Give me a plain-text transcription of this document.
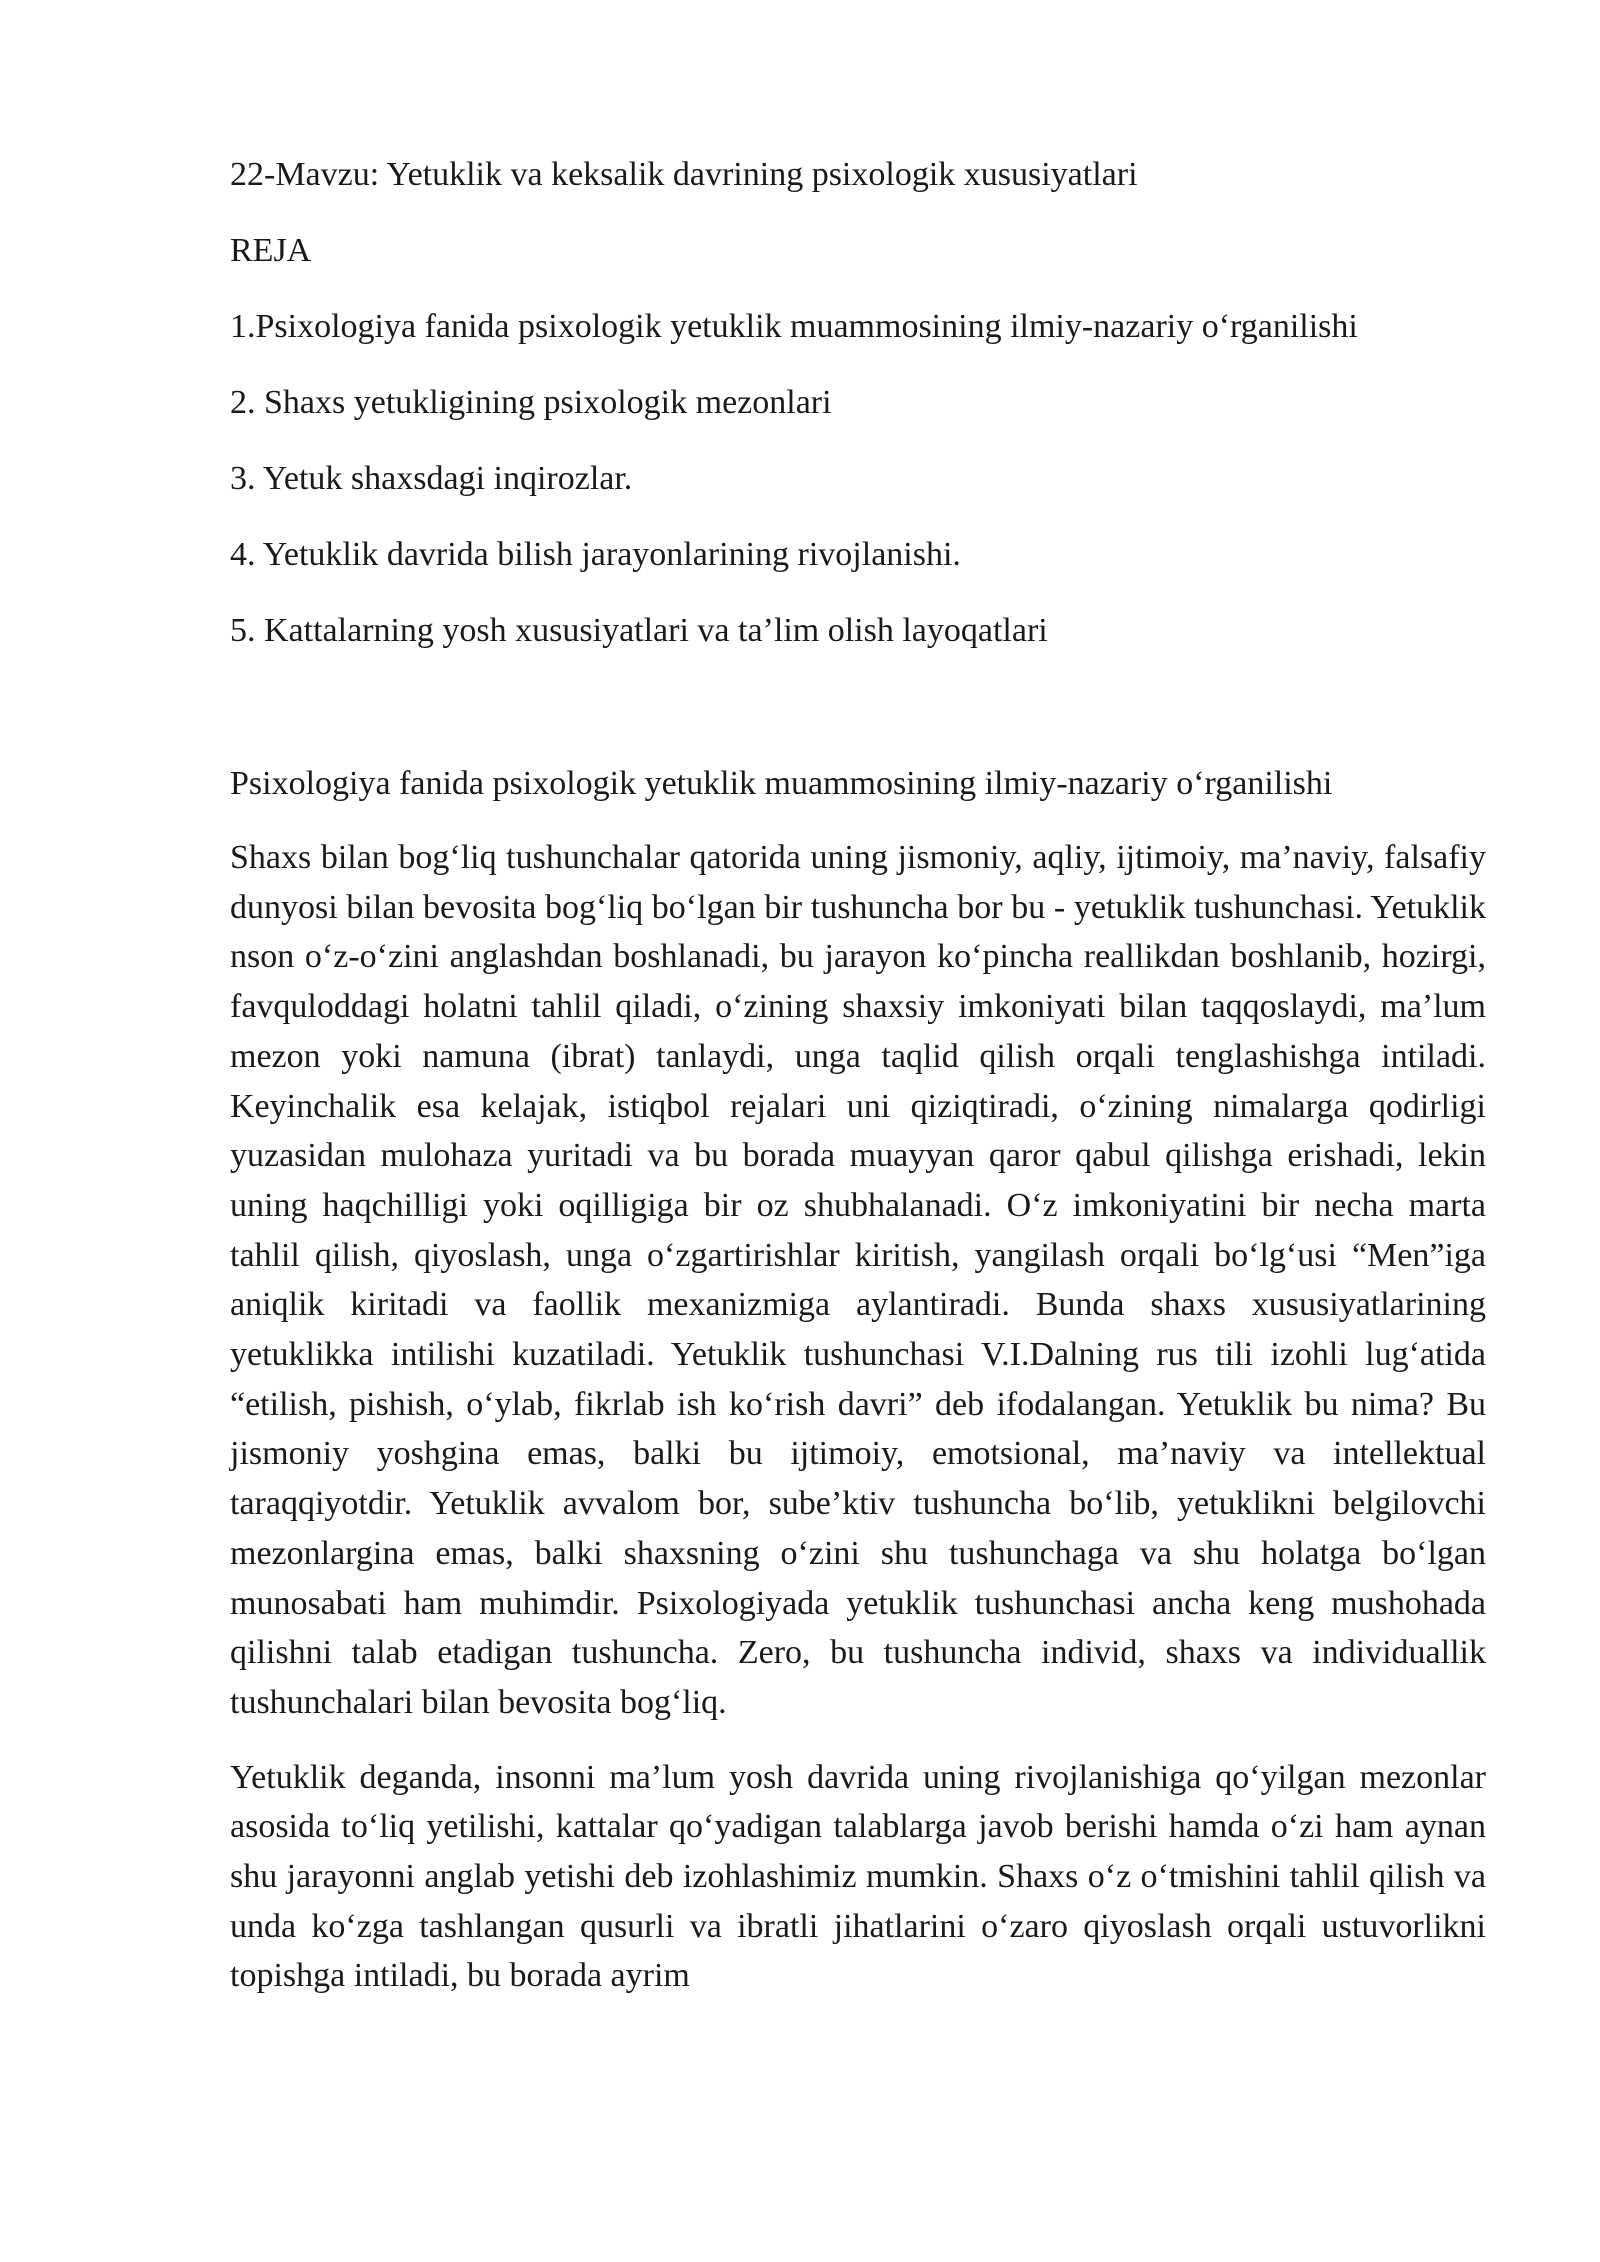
22-Mavzu: Yetuklik va keksalik davrining psixologik xususiyatlari

REJA

1.Psixologiya fanida psixologik yetuklik muammosining ilmiy-nazariy o‘rganilishi
2. Shaxs yetukligining psixologik mezonlari
3. Yetuk shaxsdagi inqirozlar.
4. Yetuklik davrida bilish jarayonlarining rivojlanishi.
5. Kattalarning yosh xususiyatlari va ta’lim olish layoqatlari

Psixologiya fanida psixologik yetuklik muammosining ilmiy-nazariy o‘rganilishi

Shaxs bilan bog‘liq tushunchalar qatorida uning jismoniy, aqliy, ijtimoiy, ma’naviy, falsafiy dunyosi bilan bevosita bog‘liq bo‘lgan bir tushuncha bor bu - yetuklik tushunchasi. Yetuklik nson o‘z-o‘zini anglashdan boshlanadi, bu jarayon ko‘pincha reallikdan boshlanib, hozirgi, favquloddagi holatni tahlil qiladi, o‘zining shaxsiy imkoniyati bilan taqqoslaydi, ma’lum mezon yoki namuna (ibrat) tanlaydi, unga taqlid qilish orqali tenglashishga intiladi. Keyinchalik esa kelajak, istiqbol rejalari uni qiziqtiradi, o‘zining nimalarga qodirligi yuzasidan mulohaza yuritadi va bu borada muayyan qaror qabul qilishga erishadi, lekin uning haqchilligi yoki oqilligiga bir oz shubhalanadi. O‘z imkoniyatini bir necha marta tahlil qilish, qiyoslash, unga o‘zgartirishlar kiritish, yangilash orqali bo‘lg‘usi “Men”iga aniqlik kiritadi va faollik mexanizmiga aylantiradi. Bunda shaxs xususiyatlarining yetuklikka intilishi kuzatiladi. Yetuklik tushunchasi V.I.Dalning rus tili izohli lug‘atida “etilish, pishish, o‘ylab, fikrlab ish ko‘rish davri” deb ifodalangan. Yetuklik bu nima? Bu jismoniy yoshgina emas, balki bu ijtimoiy, emotsional, ma’naviy va intellektual taraqqiyotdir. Yetuklik avvalom bor, sube’ktiv tushuncha bo‘lib, yetuklikni belgilovchi mezonlargina emas, balki shaxsning o‘zini shu tushunchaga va shu holatga bo‘lgan munosabati ham muhimdir. Psixologiyada yetuklik tushunchasi ancha keng mushohada qilishni talab etadigan tushuncha. Zero, bu tushuncha individ, shaxs va individuallik tushunchalari bilan bevosita bog‘liq.

Yetuklik deganda, insonni ma’lum yosh davrida uning rivojlanishiga qo‘yilgan mezonlar asosida to‘liq yetilishi, kattalar qo‘yadigan talablarga javob berishi hamda o‘zi ham aynan shu jarayonni anglab yetishi deb izohlashimiz mumkin. Shaxs o‘z o‘tmishini tahlil qilish va unda ko‘zga tashlangan qusurli va ibratli jihatlarini o‘zaro qiyoslash orqali ustuvorlikni topishga intiladi, bu borada ayrim
